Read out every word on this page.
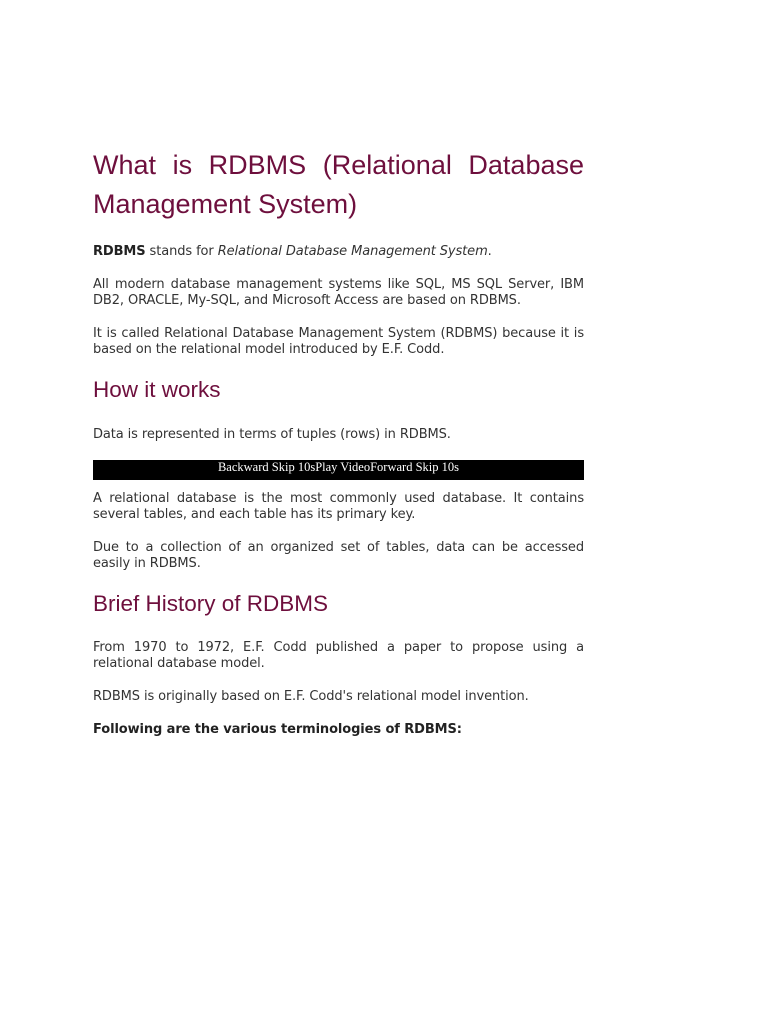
What is RDBMS (Relational Database Management System)

RDBMS stands for Relational Database Management System.

All modern database management systems like SQL, MS SQL Server, IBM DB2, ORACLE, My-SQL, and Microsoft Access are based on RDBMS.

It is called Relational Database Management System (RDBMS) because it is based on the relational model introduced by E.F. Codd.

How it works

Data is represented in terms of tuples (rows) in RDBMS.

Backward Skip 10s Play Video Forward Skip 10s

A relational database is the most commonly used database. It contains several tables, and each table has its primary key.

Due to a collection of an organized set of tables, data can be accessed easily in RDBMS.

Brief History of RDBMS

From 1970 to 1972, E.F. Codd published a paper to propose using a relational database model.

RDBMS is originally based on E.F. Codd's relational model invention.

Following are the various terminologies of RDBMS:
